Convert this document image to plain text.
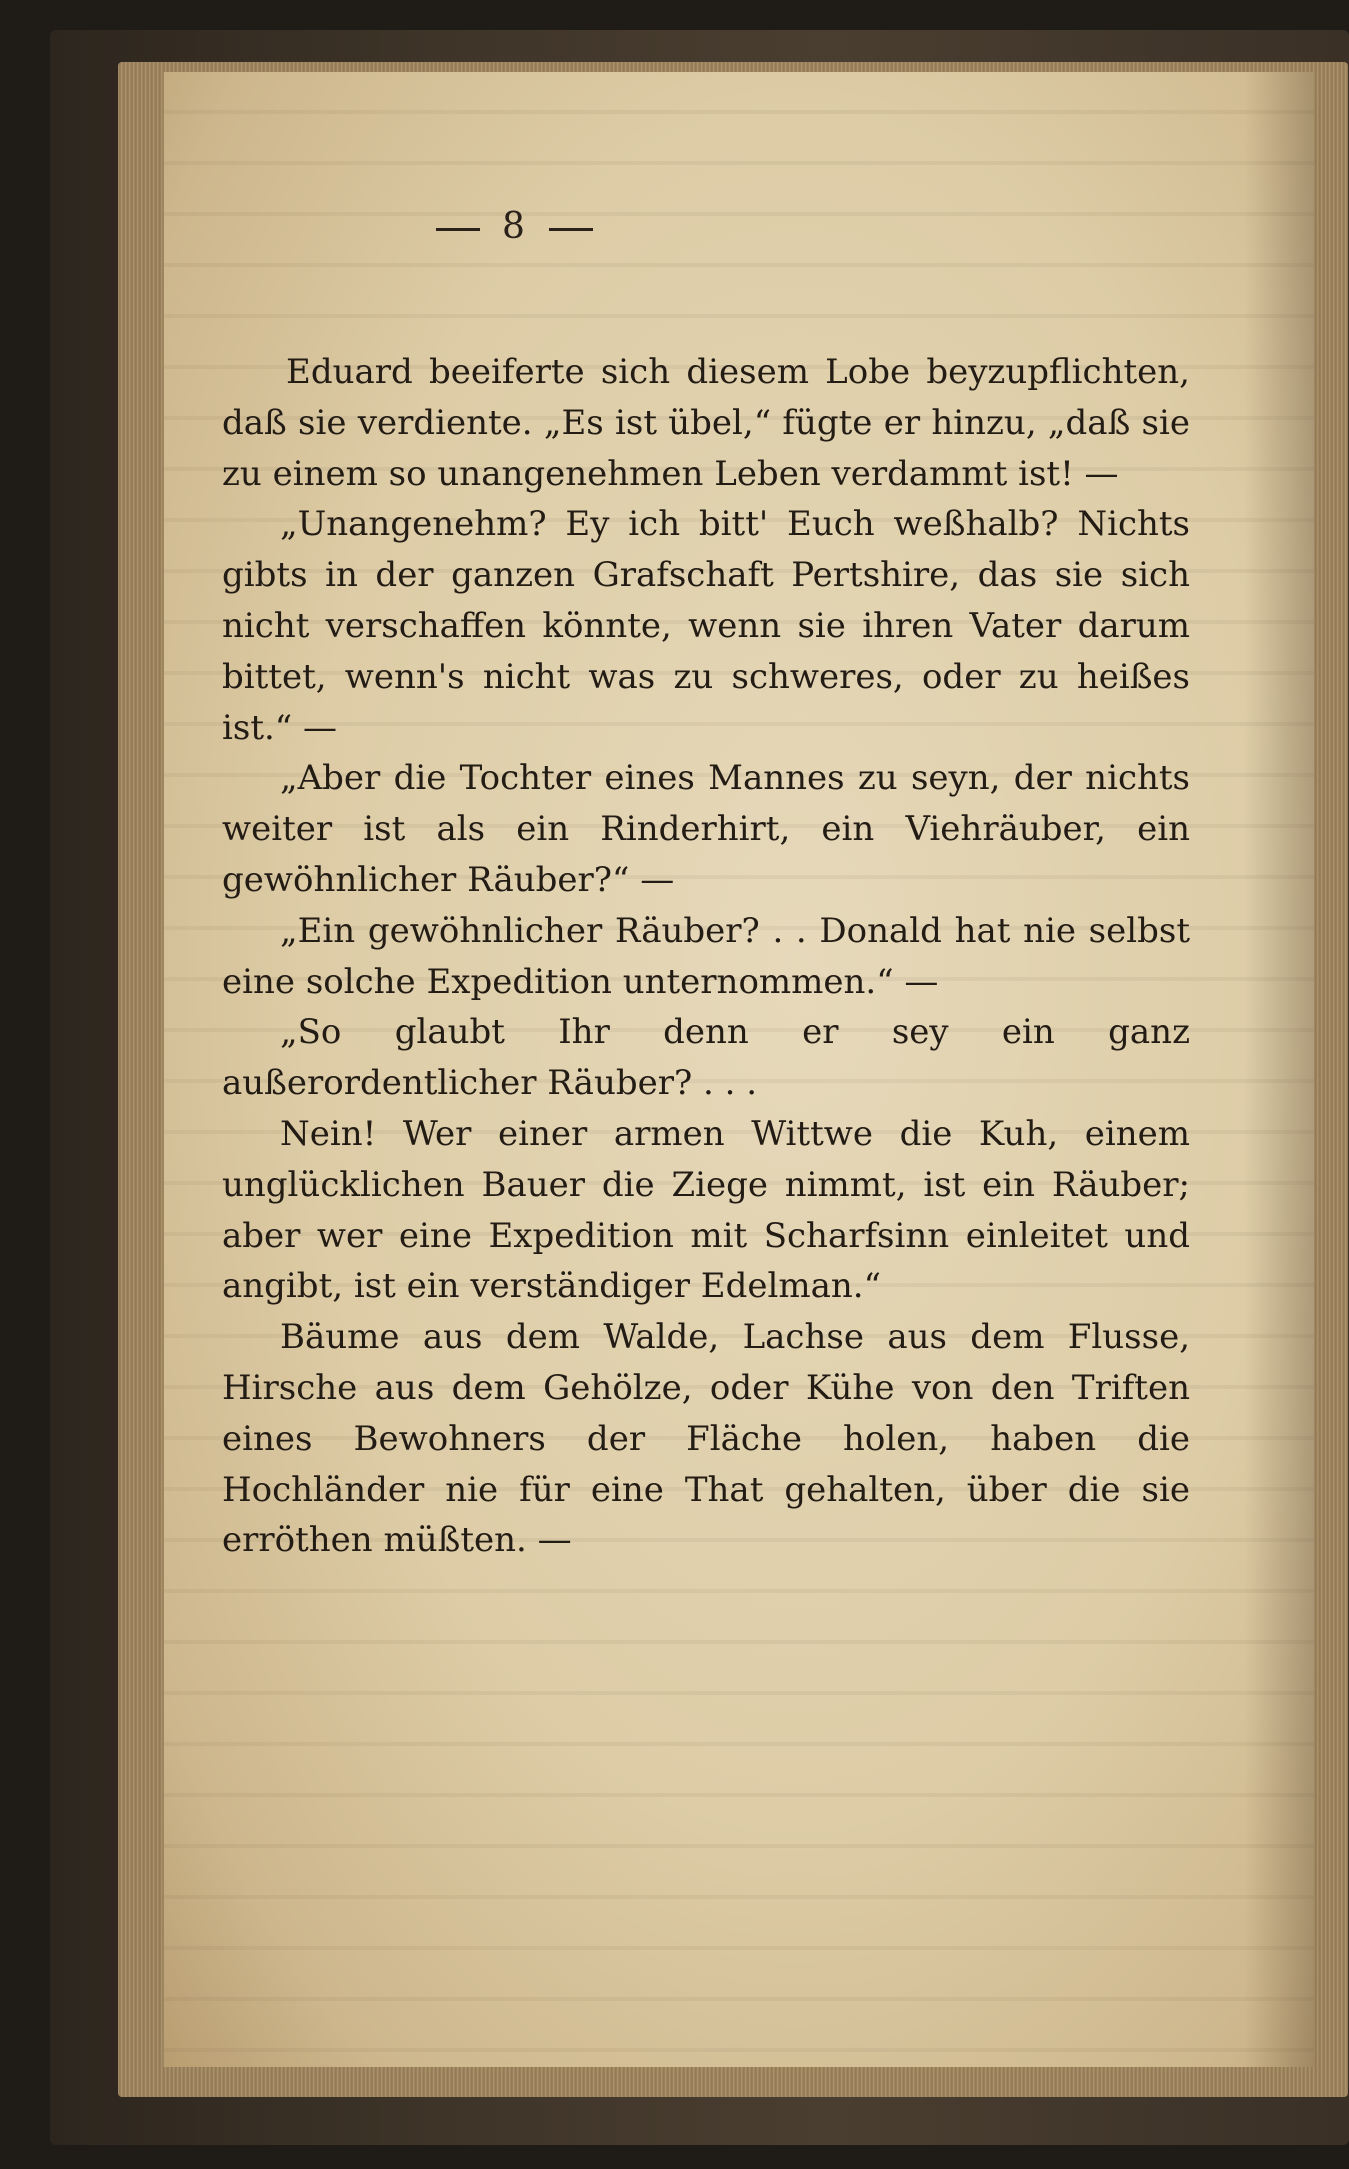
8

Eduard beeiferte sich diesem Lobe beyzupflichten, daß sie verdiente. „Es ist übel,“ fügte er hinzu, „daß sie zu einem so unangenehmen Leben verdammt ist! —

„Unangenehm? Ey ich bitt' Euch weßhalb? Nichts gibts in der ganzen Grafschaft Pertshire, das sie sich nicht verschaffen könnte, wenn sie ihren Vater darum bittet, wenn's nicht was zu schweres, oder zu heißes ist.“ —

„Aber die Tochter eines Mannes zu seyn, der nichts weiter ist als ein Rinderhirt, ein Viehräuber, ein gewöhnlicher Räuber?“ —

„Ein gewöhnlicher Räuber? . . Donald hat nie selbst eine solche Expedition unternommen.“ —

„So glaubt Ihr denn er sey ein ganz außerordentlicher Räuber? . . .

Nein! Wer einer armen Wittwe die Kuh, einem unglücklichen Bauer die Ziege nimmt, ist ein Räuber; aber wer eine Expedition mit Scharfsinn einleitet und angibt, ist ein verständiger Edelman.“

Bäume aus dem Walde, Lachse aus dem Flusse, Hirsche aus dem Gehölze, oder Kühe von den Triften eines Bewohners der Fläche holen, haben die Hochländer nie für eine That gehalten, über die sie erröthen müßten. —
